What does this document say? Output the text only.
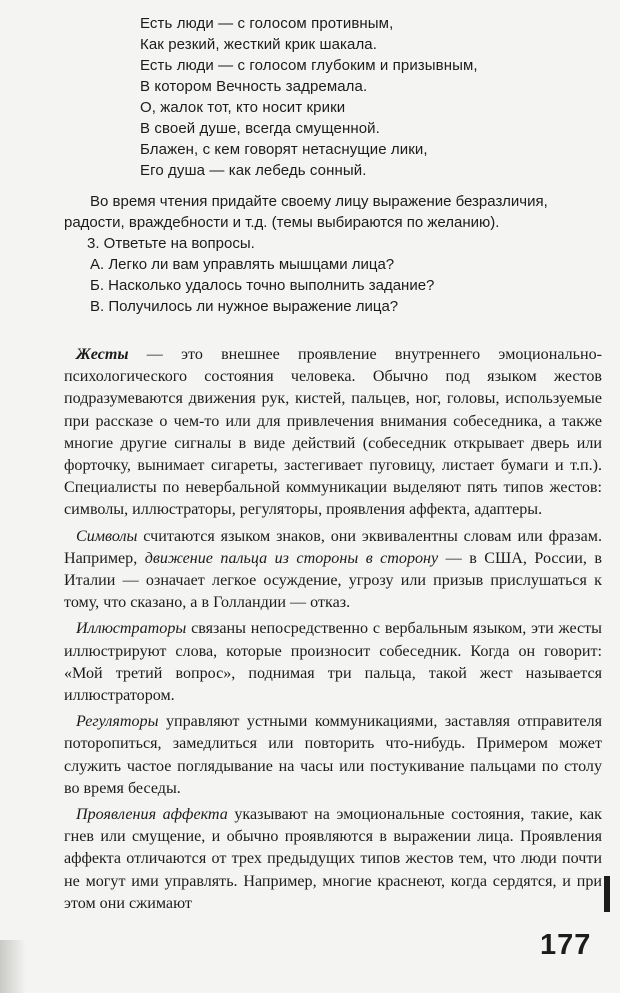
Есть люди — с голосом противным,
Как резкий, жесткий крик шакала.
Есть люди — с голосом глубоким и призывным,
В котором Вечность задремала.
О, жалок тот, кто носит крики
В своей душе, всегда смущенной.
Блажен, с кем говорят нетаснущие лики,
Его душа — как лебедь сонный.

Во время чтения придайте своему лицу выражение безразличия, радости, враждебности и т.д. (темы выбираются по желанию).

3. Ответьте на вопросы.

А. Легко ли вам управлять мышцами лица?
Б. Насколько удалось точно выполнить задание?
В. Получилось ли нужное выражение лица?

Жесты — это внешнее проявление внутреннего эмоционально-психологического состояния человека. Обычно под языком жестов подразумеваются движения рук, кистей, пальцев, ног, головы, используемые при рассказе о чем-то или для привлечения внимания собеседника, а также многие другие сигналы в виде действий (собеседник открывает дверь или форточку, вынимает сигареты, застегивает пуговицу, листает бумаги и т.п.). Специалисты по невербальной коммуникации выделяют пять типов жестов: символы, иллюстраторы, регуляторы, проявления аффекта, адаптеры.

Символы считаются языком знаков, они эквивалентны словам или фразам. Например, движение пальца из стороны в сторону — в США, России, в Италии — означает легкое осуждение, угрозу или призыв прислушаться к тому, что сказано, а в Голландии — отказ.

Иллюстраторы связаны непосредственно с вербальным языком, эти жесты иллюстрируют слова, которые произносит собеседник. Когда он говорит: «Мой третий вопрос», поднимая три пальца, такой жест называется иллюстратором.

Регуляторы управляют устными коммуникациями, заставляя отправителя поторопиться, замедлиться или повторить что-нибудь. Примером может служить частое поглядывание на часы или постукивание пальцами по столу во время беседы.

Проявления аффекта указывают на эмоциональные состояния, такие, как гнев или смущение, и обычно проявляются в выражении лица. Проявления аффекта отличаются от трех предыдущих типов жестов тем, что люди почти не могут ими управлять. Например, многие краснеют, когда сердятся, и при этом они сжимают

177
